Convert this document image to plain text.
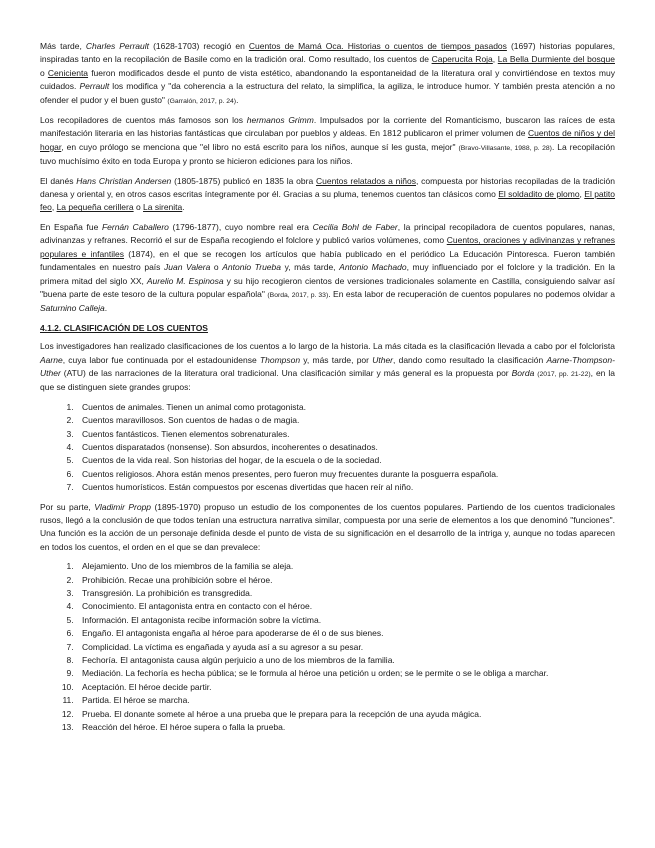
Más tarde, Charles Perrault (1628-1703) recogió en Cuentos de Mamá Oca. Historias o cuentos de tiempos pasados (1697) historias populares, inspiradas tanto en la recopilación de Basile como en la tradición oral. Como resultado, los cuentos de Caperucita Roja, La Bella Durmiente del bosque o Cenicienta fueron modificados desde el punto de vista estético, abandonando la espontaneidad de la literatura oral y convirtiéndose en textos muy cuidados. Perrault los modifica y "da coherencia a la estructura del relato, la simplifica, la agiliza, le introduce humor. Y también presta atención a no ofender el pudor y el buen gusto" (Garralón, 2017, p. 24).

Los recopiladores de cuentos más famosos son los hermanos Grimm. Impulsados por la corriente del Romanticismo, buscaron las raíces de esta manifestación literaria en las historias fantásticas que circulaban por pueblos y aldeas. En 1812 publicaron el primer volumen de Cuentos de niños y del hogar, en cuyo prólogo se menciona que "el libro no está escrito para los niños, aunque sí les gusta, mejor" (Bravo-Villasante, 1988, p. 28). La recopilación tuvo muchísimo éxito en toda Europa y pronto se hicieron ediciones para los niños.

El danés Hans Christian Andersen (1805-1875) publicó en 1835 la obra Cuentos relatados a niños, compuesta por historias recopiladas de la tradición danesa y oriental y, en otros casos escritas íntegramente por él. Gracias a su pluma, tenemos cuentos tan clásicos como El soldadito de plomo, El patito feo, La pequeña cerillera o La sirenita.

En España fue Fernán Caballero (1796-1877), cuyo nombre real era Cecilia Bohl de Faber, la principal recopiladora de cuentos populares, nanas, adivinanzas y refranes. Recorrió el sur de España recogiendo el folclore y publicó varios volúmenes, como Cuentos, oraciones y adivinanzas y refranes populares e infantiles (1874), en el que se recogen los artículos que había publicado en el periódico La Educación Pintoresca. Fueron también fundamentales en nuestro país Juan Valera o Antonio Trueba y, más tarde, Antonio Machado, muy influenciado por el folclore y la tradición. En la primera mitad del siglo XX, Aurelio M. Espinosa y su hijo recogieron cientos de versiones tradicionales solamente en Castilla, consiguiendo salvar así "buena parte de este tesoro de la cultura popular española" (Borda, 2017, p. 33). En esta labor de recuperación de cuentos populares no podemos olvidar a Saturnino Calleja.

4.1.2. CLASIFICACIÓN DE LOS CUENTOS

Los investigadores han realizado clasificaciones de los cuentos a lo largo de la historia. La más citada es la clasificación llevada a cabo por el folclorista Aarne, cuya labor fue continuada por el estadounidense Thompson y, más tarde, por Uther, dando como resultado la clasificación Aarne-Thompson-Uther (ATU) de las narraciones de la literatura oral tradicional. Una clasificación similar y más general es la propuesta por Borda (2017, pp. 21-22), en la que se distinguen siete grandes grupos:

1. Cuentos de animales. Tienen un animal como protagonista.
2. Cuentos maravillosos. Son cuentos de hadas o de magia.
3. Cuentos fantásticos. Tienen elementos sobrenaturales.
4. Cuentos disparatados (nonsense). Son absurdos, incoherentes o desatinados.
5. Cuentos de la vida real. Son historias del hogar, de la escuela o de la sociedad.
6. Cuentos religiosos. Ahora están menos presentes, pero fueron muy frecuentes durante la posguerra española.
7. Cuentos humorísticos. Están compuestos por escenas divertidas que hacen reír al niño.

Por su parte, Vladimir Propp (1895-1970) propuso un estudio de los componentes de los cuentos populares. Partiendo de los cuentos tradicionales rusos, llegó a la conclusión de que todos tenían una estructura narrativa similar, compuesta por una serie de elementos a los que denominó "funciones". Una función es la acción de un personaje definida desde el punto de vista de su significación en el desarrollo de la intriga y, aunque no todas aparecen en todos los cuentos, el orden en el que se dan prevalece:

1. Alejamiento. Uno de los miembros de la familia se aleja.
2. Prohibición. Recae una prohibición sobre el héroe.
3. Transgresión. La prohibición es transgredida.
4. Conocimiento. El antagonista entra en contacto con el héroe.
5. Información. El antagonista recibe información sobre la víctima.
6. Engaño. El antagonista engaña al héroe para apoderarse de él o de sus bienes.
7. Complicidad. La víctima es engañada y ayuda así a su agresor a su pesar.
8. Fechoría. El antagonista causa algún perjuicio a uno de los miembros de la familia.
9. Mediación. La fechoría es hecha pública; se le formula al héroe una petición u orden; se le permite o se le obliga a marchar.
10. Aceptación. El héroe decide partir.
11. Partida. El héroe se marcha.
12. Prueba. El donante somete al héroe a una prueba que le prepara para la recepción de una ayuda mágica.
13. Reacción del héroe. El héroe supera o falla la prueba.
